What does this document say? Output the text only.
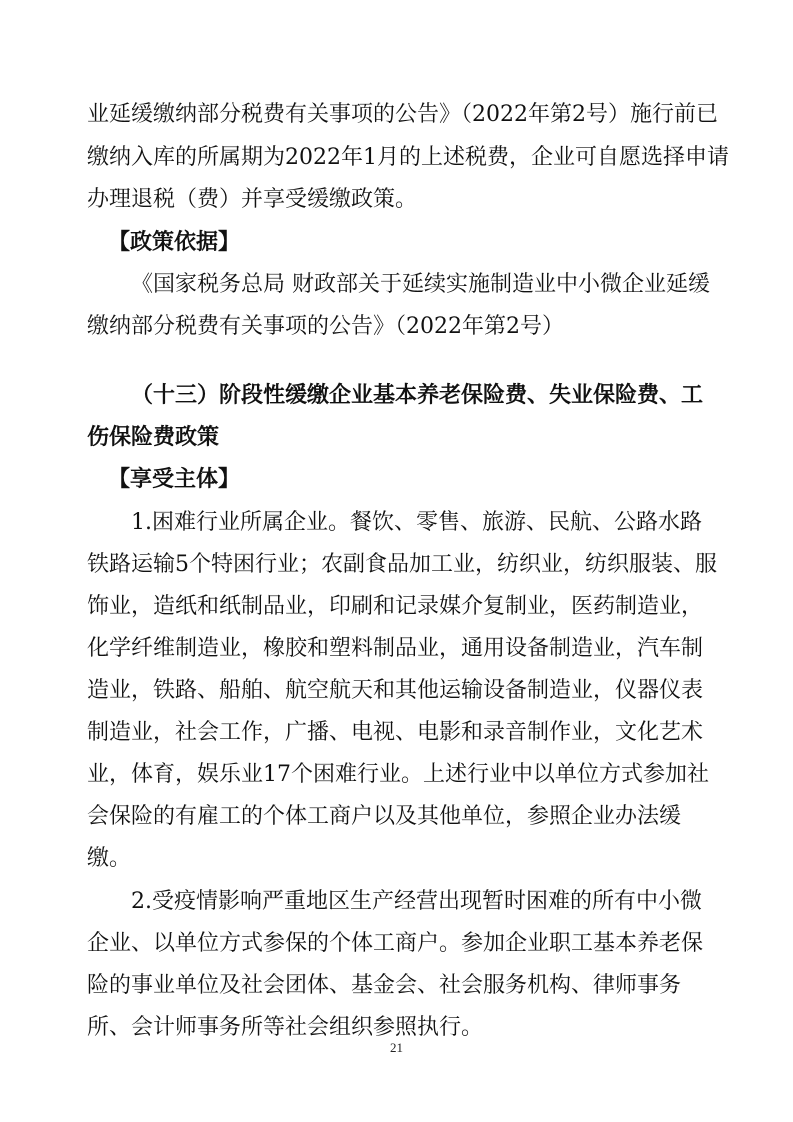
业延缓缴纳部分税费有关事项的公告》（2022年第2号）施行前已
缴纳入库的所属期为2022年1月的上述税费，企业可自愿选择申请
办理退税（费）并享受缓缴政策。
【政策依据】
《国家税务总局 财政部关于延续实施制造业中小微企业延缓
缴纳部分税费有关事项的公告》（2022年第2号）
（十三）阶段性缓缴企业基本养老保险费、失业保险费、工
伤保险费政策
【享受主体】
1.困难行业所属企业。餐饮、零售、旅游、民航、公路水路
铁路运输5个特困行业；农副食品加工业，纺织业，纺织服装、服
饰业，造纸和纸制品业，印刷和记录媒介复制业，医药制造业，
化学纤维制造业，橡胶和塑料制品业，通用设备制造业，汽车制
造业，铁路、船舶、航空航天和其他运输设备制造业，仪器仪表
制造业，社会工作，广播、电视、电影和录音制作业，文化艺术
业，体育，娱乐业17个困难行业。上述行业中以单位方式参加社
会保险的有雇工的个体工商户以及其他单位，参照企业办法缓
缴。
2.受疫情影响严重地区生产经营出现暂时困难的所有中小微
企业、以单位方式参保的个体工商户。参加企业职工基本养老保
险的事业单位及社会团体、基金会、社会服务机构、律师事务
所、会计师事务所等社会组织参照执行。
21
